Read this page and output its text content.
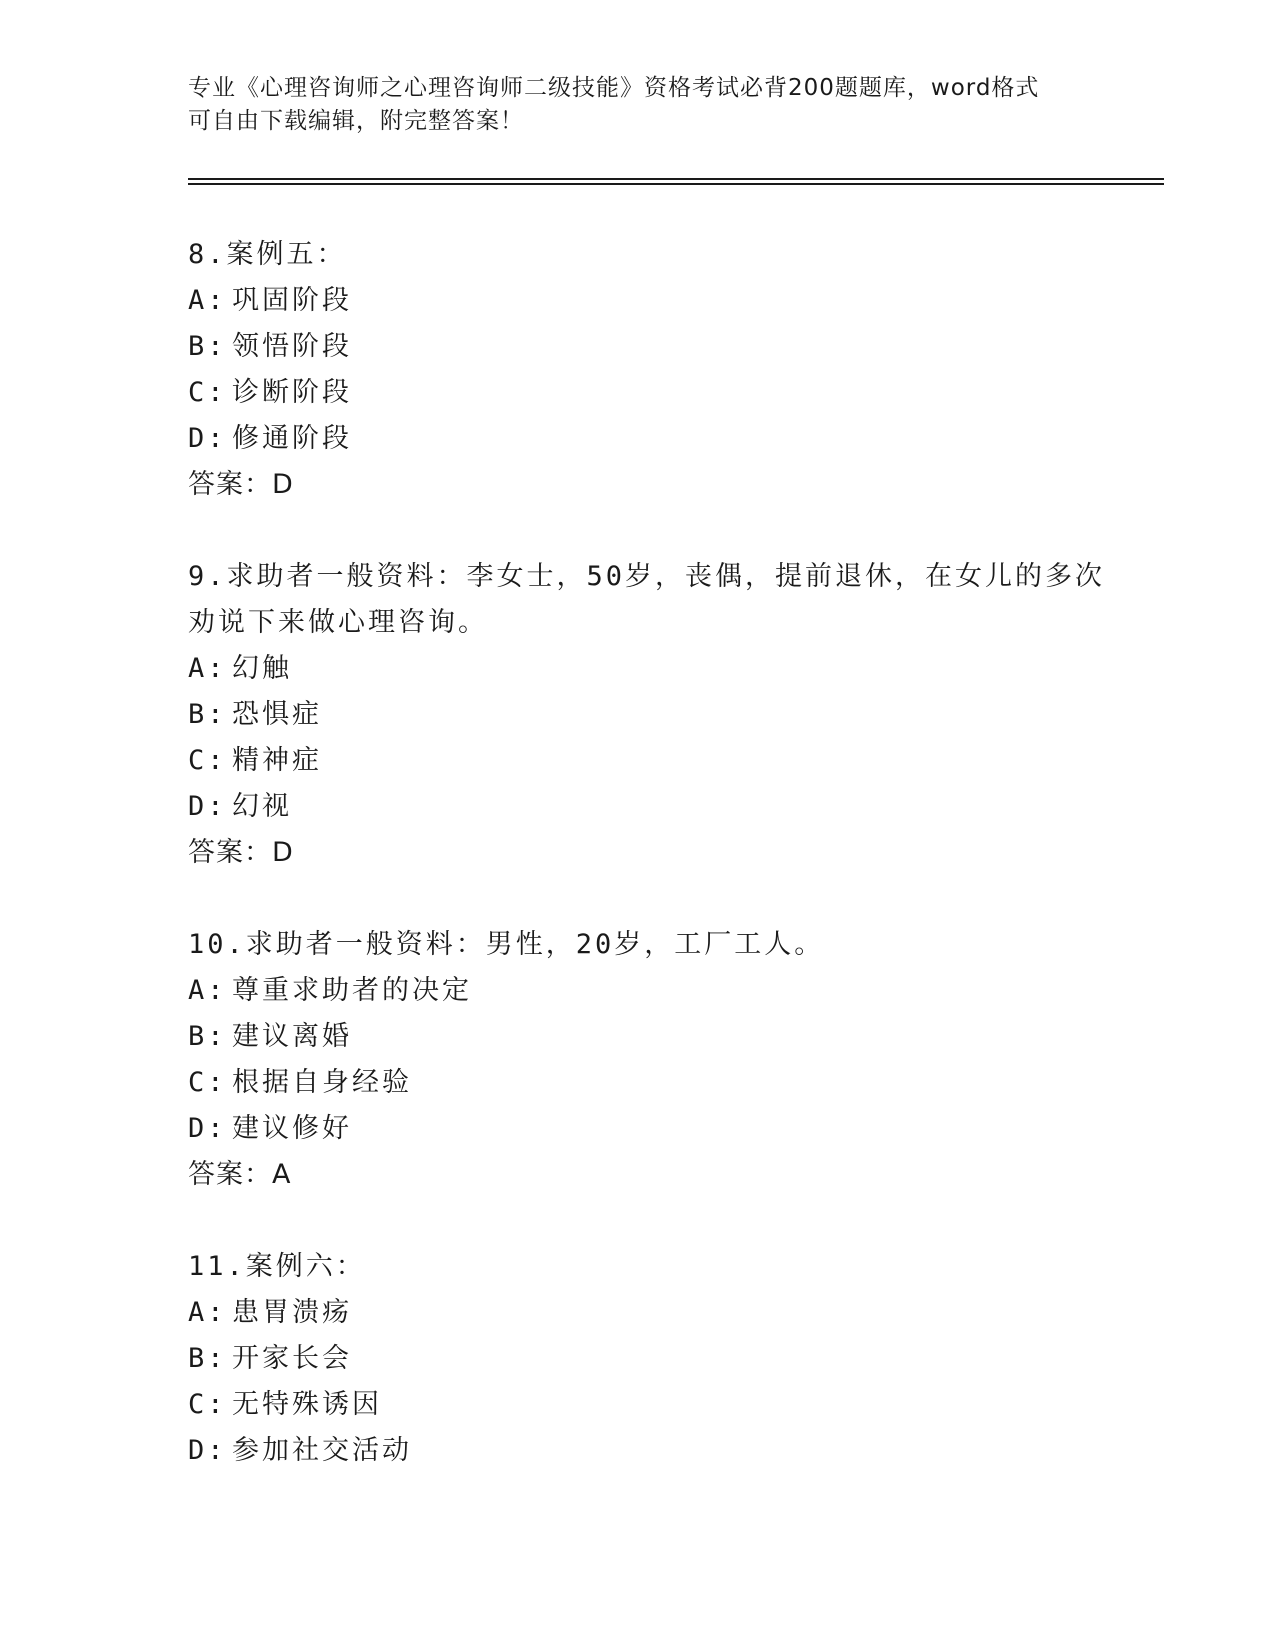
专业《心理咨询师之心理咨询师二级技能》资格考试必背200题题库，word格式
可自由下载编辑，附完整答案！
8.案例五：
A: 巩固阶段
B: 领悟阶段
C: 诊断阶段
D: 修通阶段
答案：D
9.求助者一般资料：李女士，50岁，丧偶，提前退休，在女儿的多次
劝说下来做心理咨询。
A: 幻触
B: 恐惧症
C: 精神症
D: 幻视
答案：D
10.求助者一般资料：男性，20岁，工厂工人。
A: 尊重求助者的决定
B: 建议离婚
C: 根据自身经验
D: 建议修好
答案：A
11.案例六：
A: 患胃溃疡
B: 开家长会
C: 无特殊诱因
D: 参加社交活动
